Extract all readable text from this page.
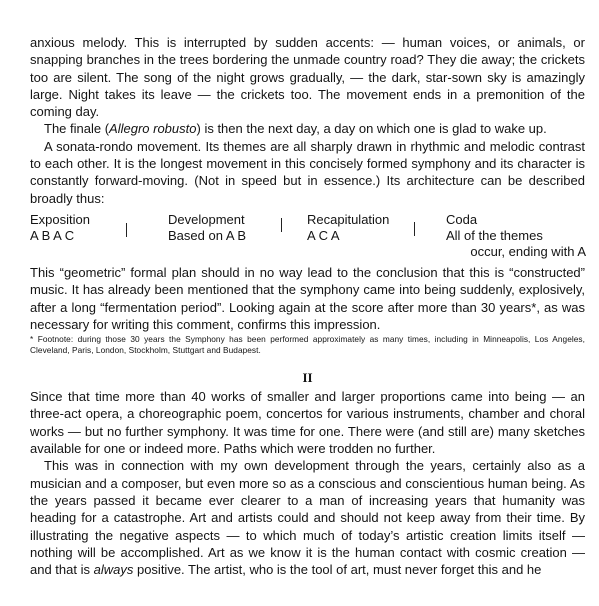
anxious melody. This is interrupted by sudden accents: — human voices, or animals, or snapping branches in the trees bordering the unmade country road? They die away; the crickets too are silent. The song of the night grows gradually, — the dark, star-sown sky is amazingly large. Night takes its leave — the crickets too. The movement ends in a premonition of the coming day.

The finale (Allegro robusto) is then the next day, a day on which one is glad to wake up.

A sonata-rondo movement. Its themes are all sharply drawn in rhythmic and melodic contrast to each other. It is the longest movement in this concisely formed symphony and its character is constantly forward-moving. (Not in speed but in essence.) Its architecture can be described broadly thus:

Exposition
A B A C
Development
Based on A B
Recapitulation
A C A
Coda
All of the themes
occur, ending with A

This “geometric” formal plan should in no way lead to the conclusion that this is “constructed” music. It has already been mentioned that the symphony came into being suddenly, explosively, after a long “fermentation period”. Looking again at the score after more than 30 years*, as was necessary for writing this comment, confirms this impression.

* Footnote: during those 30 years the Symphony has been performed approximately as many times, including in Minneapolis, Los Angeles, Cleveland, Paris, London, Stockholm, Stuttgart and Budapest.

II

Since that time more than 40 works of smaller and larger proportions came into being — an three-act opera, a choreographic poem, concertos for various instruments, chamber and choral works — but no further symphony. It was time for one. There were (and still are) many sketches available for one or indeed more. Paths which were trodden no further.

This was in connection with my own development through the years, certainly also as a musician and a composer, but even more so as a conscious and conscientious human being. As the years passed it became ever clearer to a man of increasing years that humanity was heading for a catastrophe. Art and artists could and should not keep away from their time. By illustrating the negative aspects — to which much of today’s artistic creation limits itself — nothing will be accomplished. Art as we know it is the human contact with cosmic creation — and that is always positive. The artist, who is the tool of art, must never forget this and he
